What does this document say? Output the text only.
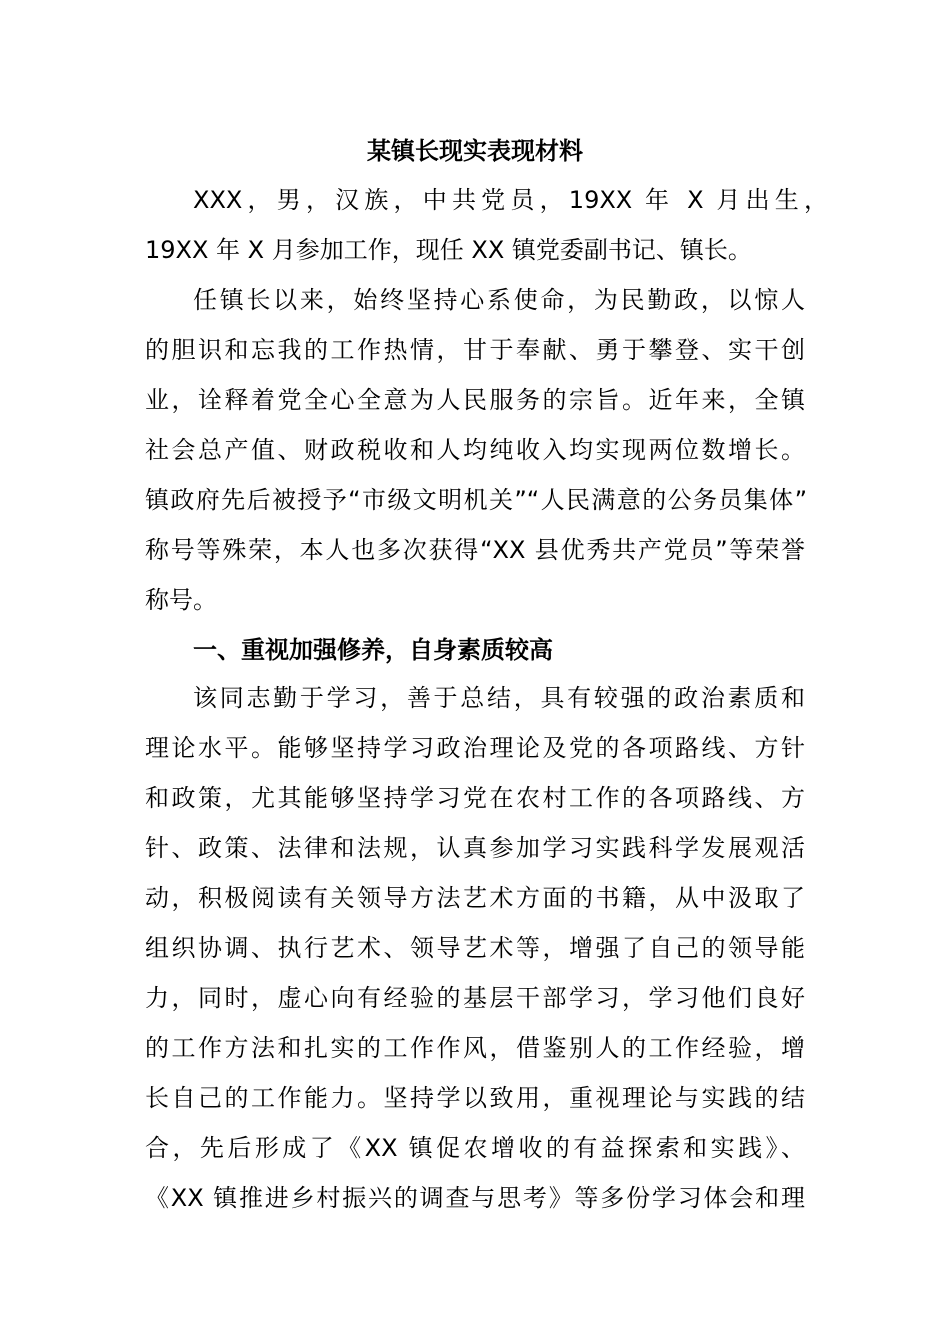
某镇长现实表现材料

XXX，男，汉族，中共党员，19XX 年 X 月出生，

19XX 年 X 月参加工作，现任 XX 镇党委副书记、镇长。

任镇长以来，始终坚持心系使命，为民勤政，以惊人

的胆识和忘我的工作热情，甘于奉献、勇于攀登、实干创

业，诠释着党全心全意为人民服务的宗旨。近年来，全镇

社会总产值、财政税收和人均纯收入均实现两位数增长。

镇政府先后被授予“市级文明机关”“人民满意的公务员集体”

称号等殊荣，本人也多次获得“XX 县优秀共产党员”等荣誉

称号。

一、重视加强修养，自身素质较高

该同志勤于学习，善于总结，具有较强的政治素质和

理论水平。能够坚持学习政治理论及党的各项路线、方针

和政策，尤其能够坚持学习党在农村工作的各项路线、方

针、政策、法律和法规，认真参加学习实践科学发展观活

动，积极阅读有关领导方法艺术方面的书籍，从中汲取了

组织协调、执行艺术、领导艺术等，增强了自己的领导能

力，同时，虚心向有经验的基层干部学习，学习他们良好

的工作方法和扎实的工作作风，借鉴别人的工作经验，增

长自己的工作能力。坚持学以致用，重视理论与实践的结

合，先后形成了《XX 镇促农增收的有益探索和实践》、

《XX 镇推进乡村振兴的调查与思考》等多份学习体会和理
